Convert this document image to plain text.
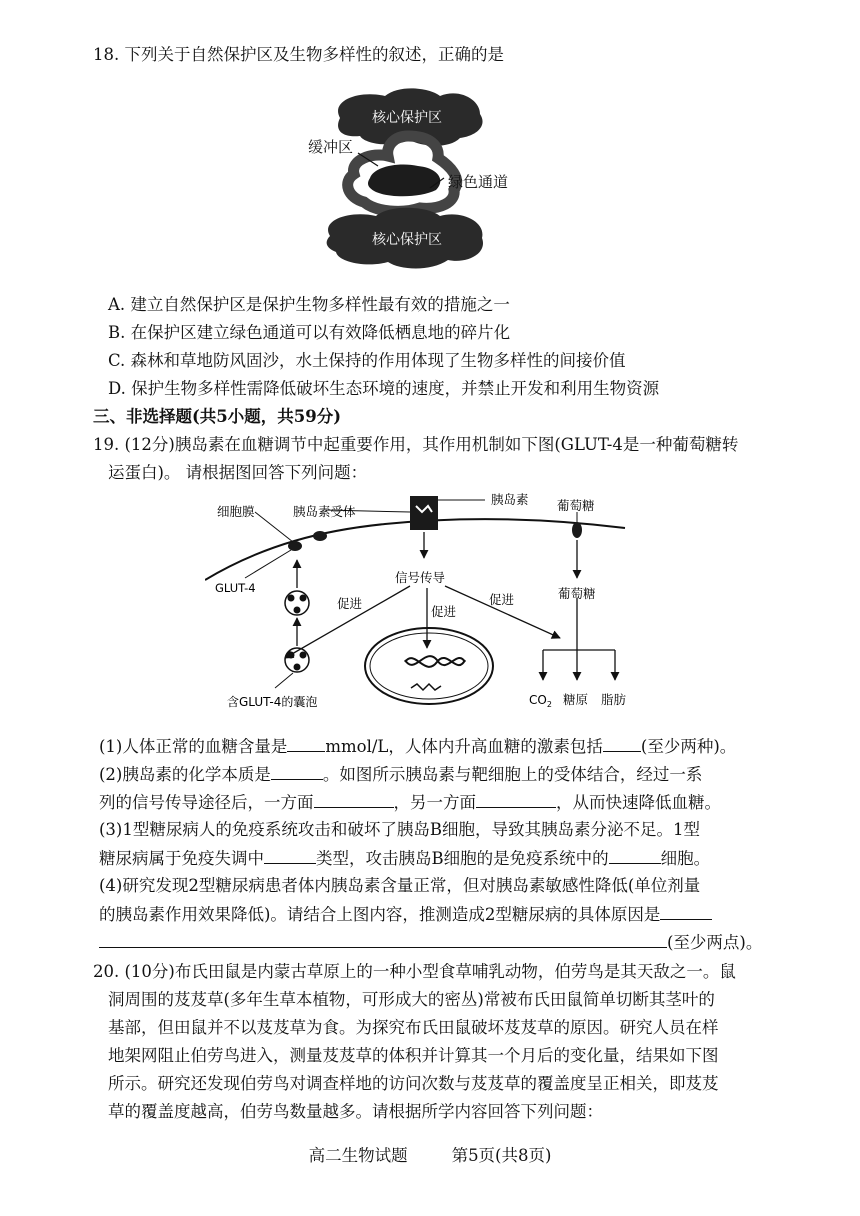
18. 下列关于自然保护区及生物多样性的叙述，正确的是
核心保护区
核心保护区
缓冲区
绿色通道
A. 建立自然保护区是保护生物多样性最有效的措施之一
B. 在保护区建立绿色通道可以有效降低栖息地的碎片化
C. 森林和草地防风固沙，水土保持的作用体现了生物多样性的间接价值
D. 保护生物多样性需降低破坏生态环境的速度，并禁止开发和利用生物资源
三、非选择题(共5小题，共59分)
19. (12分)胰岛素在血糖调节中起重要作用，其作用机制如下图(GLUT-4是一种葡萄糖转
运蛋白)。 请根据图回答下列问题：
细胞膜	胰岛素受体
胰岛素 葡萄糖
GLUT-4
信号传导
促进
促进
促进	葡萄糖
含GLUT-4的囊泡	$CO_2$ 糖原 脂肪
(1)人体正常的血糖含量是 mmol/L，人体内升高血糖的激素包括 (至少两种)。
(2)胰岛素的化学本质是	。如图所示胰岛素与靶细胞上的受体结合，经过一系
列的信号传导途径后，一方面	，另一方面	，从而快速降低血糖。
(3)1型糖尿病人的免疫系统攻击和破坏了胰岛B细胞，导致其胰岛素分泌不足。1型
糖尿病属于免疫失调中	类型，攻击胰岛B细胞的是免疫系统中的	细胞。
(4)研究发现2型糖尿病患者体内胰岛素含量正常，但对胰岛素敏感性降低(单位剂量
的胰岛素作用效果降低)。请结合上图内容，推测造成2型糖尿病的具体原因是
(至少两点)。
20. (10分)布氏田鼠是内蒙古草原上的一种小型食草哺乳动物，伯劳鸟是其天敌之一。鼠
洞周围的芨芨草(多年生草本植物，可形成大的密丛)常被布氏田鼠简单切断其茎叶的
基部，但田鼠并不以芨芨草为食。为探究布氏田鼠破坏芨芨草的原因。研究人员在样
地架网阻止伯劳鸟进入，测量芨芨草的体积并计算其一个月后的变化量，结果如下图
所示。研究还发现伯劳鸟对调查样地的访问次数与芨芨草的覆盖度呈正相关，即芨芨
草的覆盖度越高，伯劳鸟数量越多。请根据所学内容回答下列问题：
高二生物试题	第5页(共8页)
